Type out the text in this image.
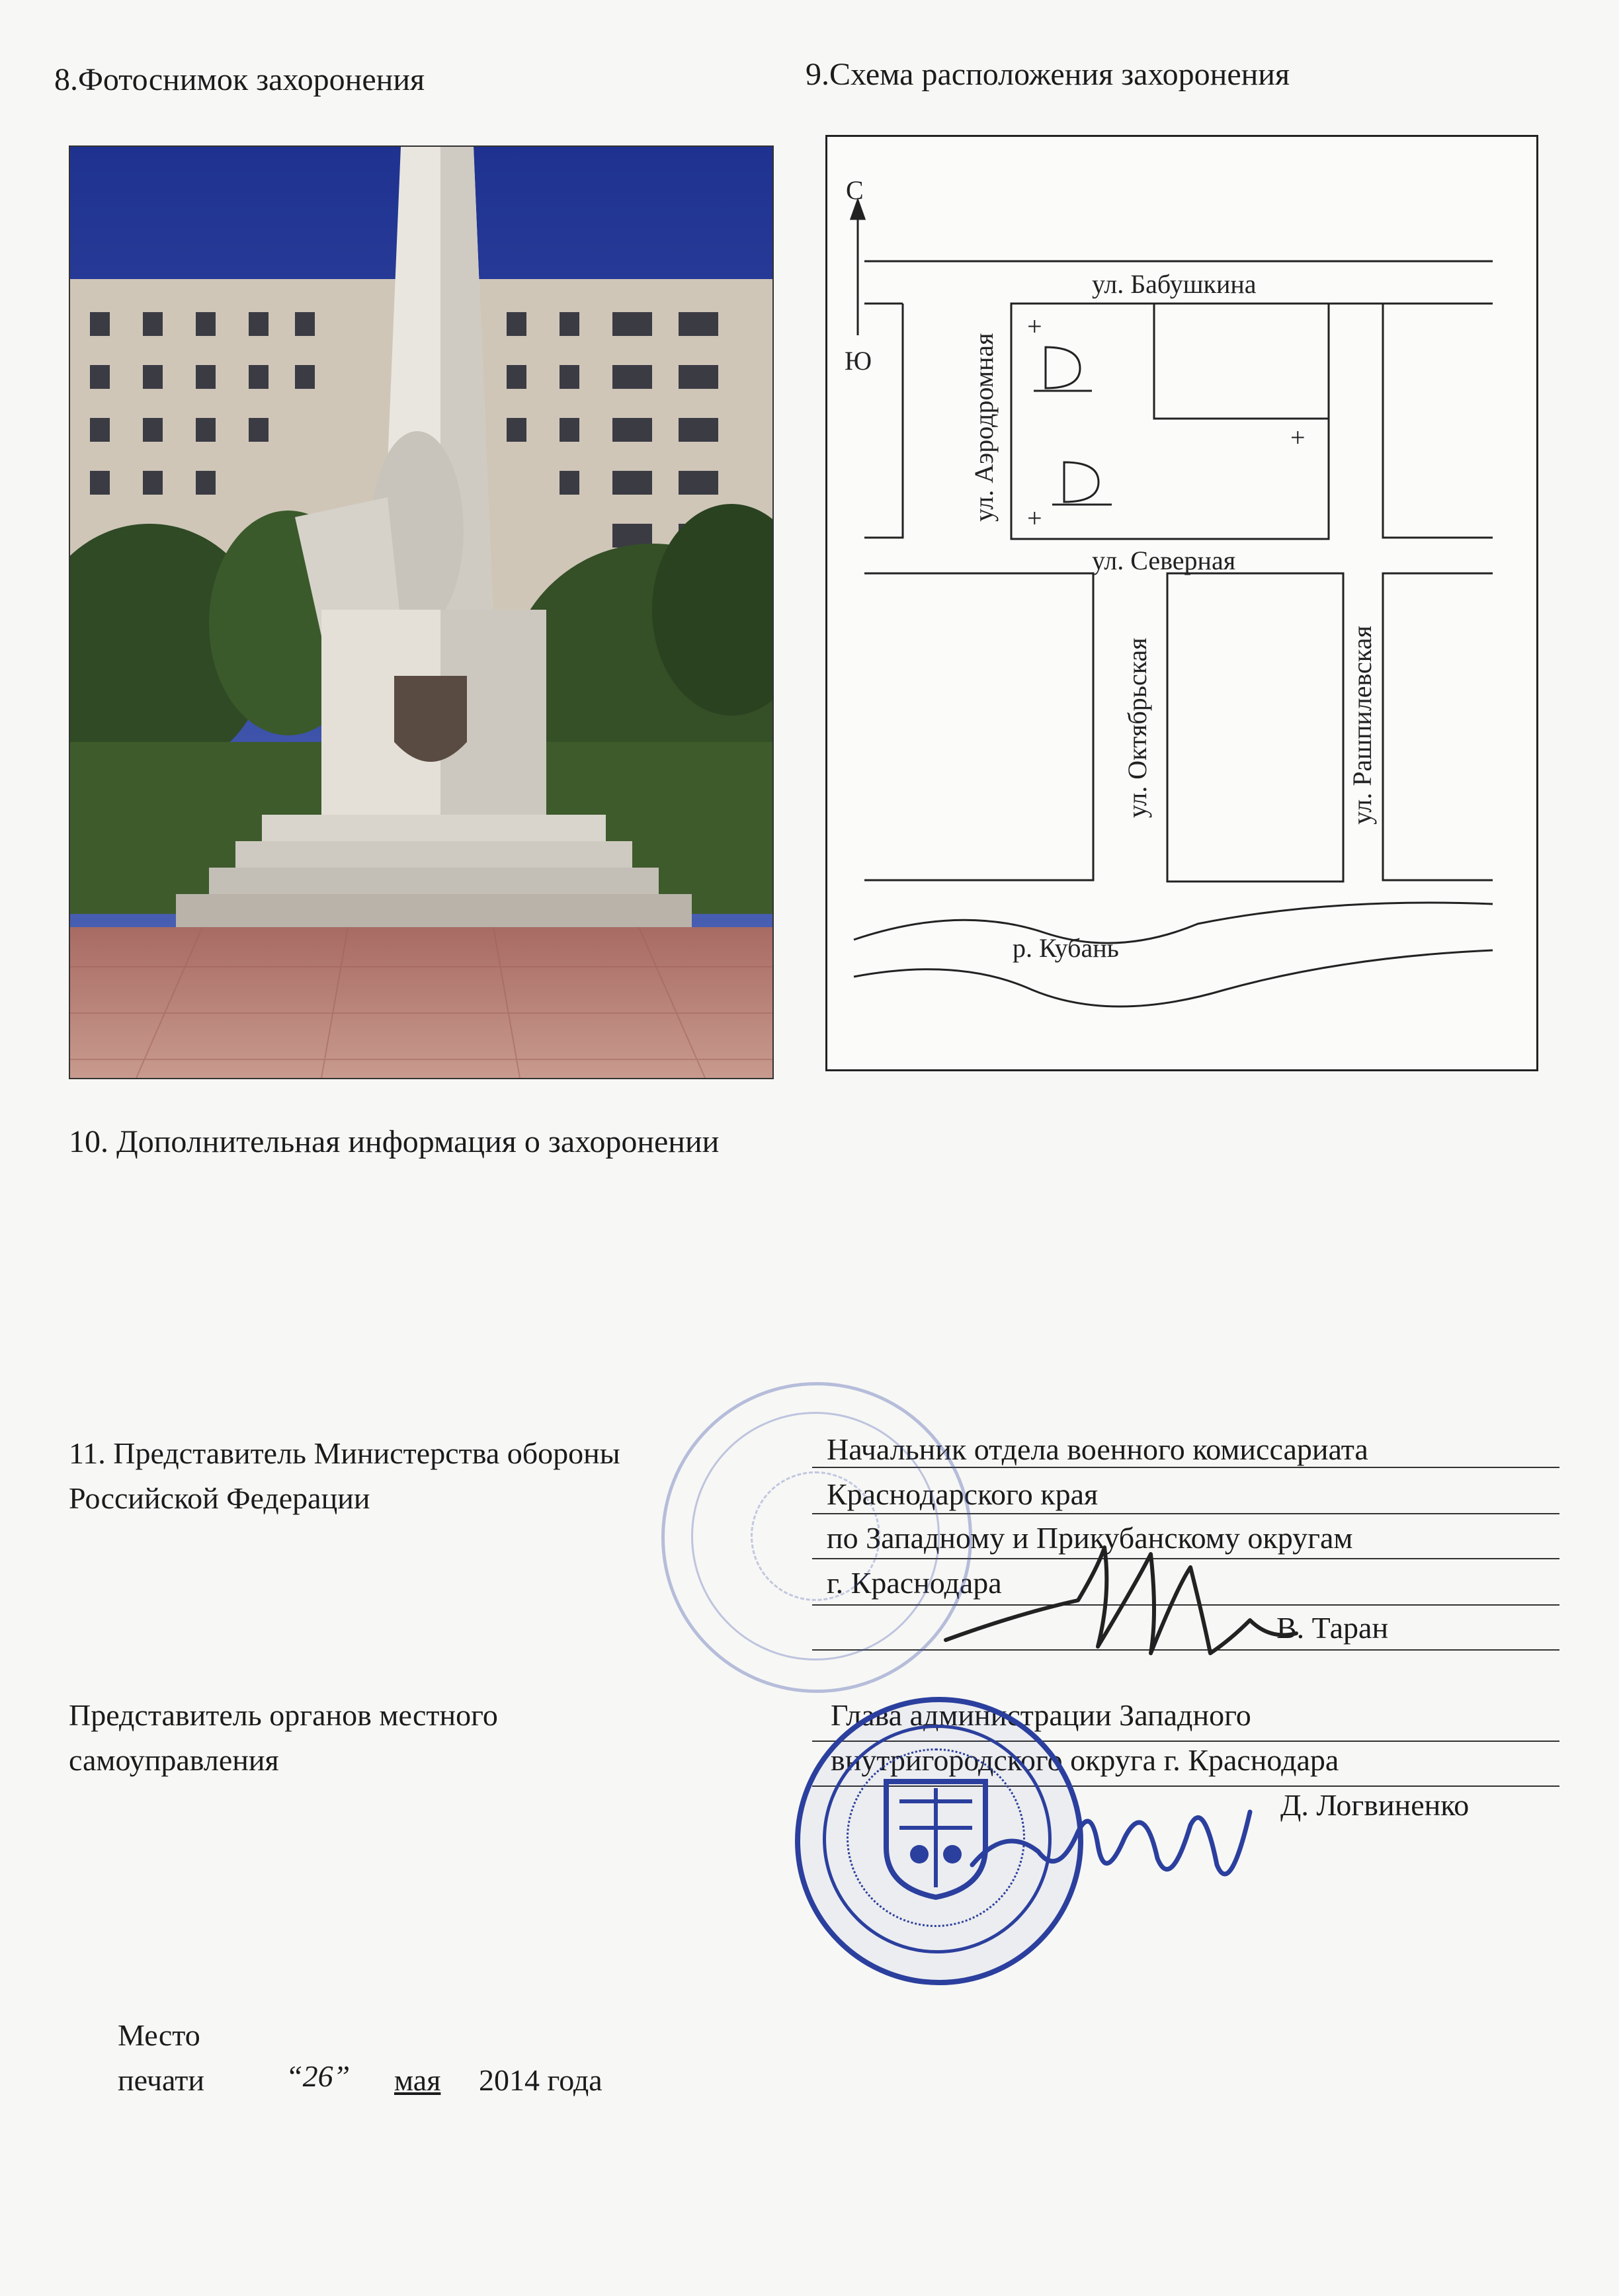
8.Фотоснимок захоронения	9.Схема расположения захоронения
С
Ю
+
+
+
ул. Бабушкина
ул. Северная
ул. Аэродромная
ул. Октябрьская	ул. Рашпилевская
р. Кубань
10. Дополнительная информация о захоронении
11. Представитель Министерства обороны
Российской Федерации
Начальник отдела военного комиссариата
Краснодарского края
по Западному и Прикубанскому округам
г. Краснодара
В. Таран
Представитель органов местного
самоуправления
Глава администрации Западного
внутригородского округа г. Краснодара
Д. Логвиненко
Место
печати	“26” мая 2014 года
